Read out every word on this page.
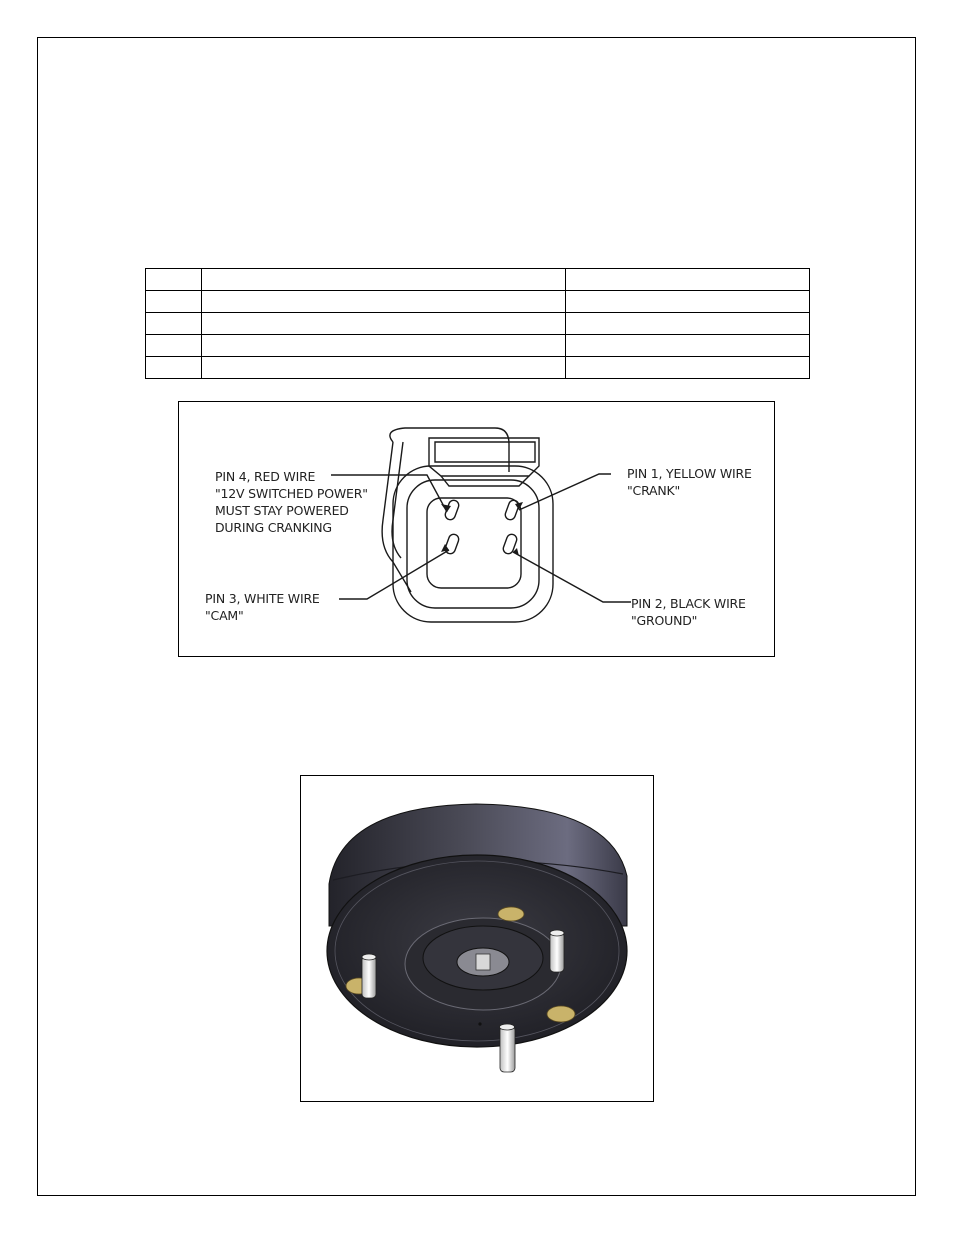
PIN 4, RED WIRE
"12V SWITCHED POWER"
MUST STAY POWERED
DURING CRANKING
PIN 1, YELLOW WIRE
"CRANK"
PIN 3, WHITE WIRE
"CAM"
PIN 2, BLACK WIRE
"GROUND"
